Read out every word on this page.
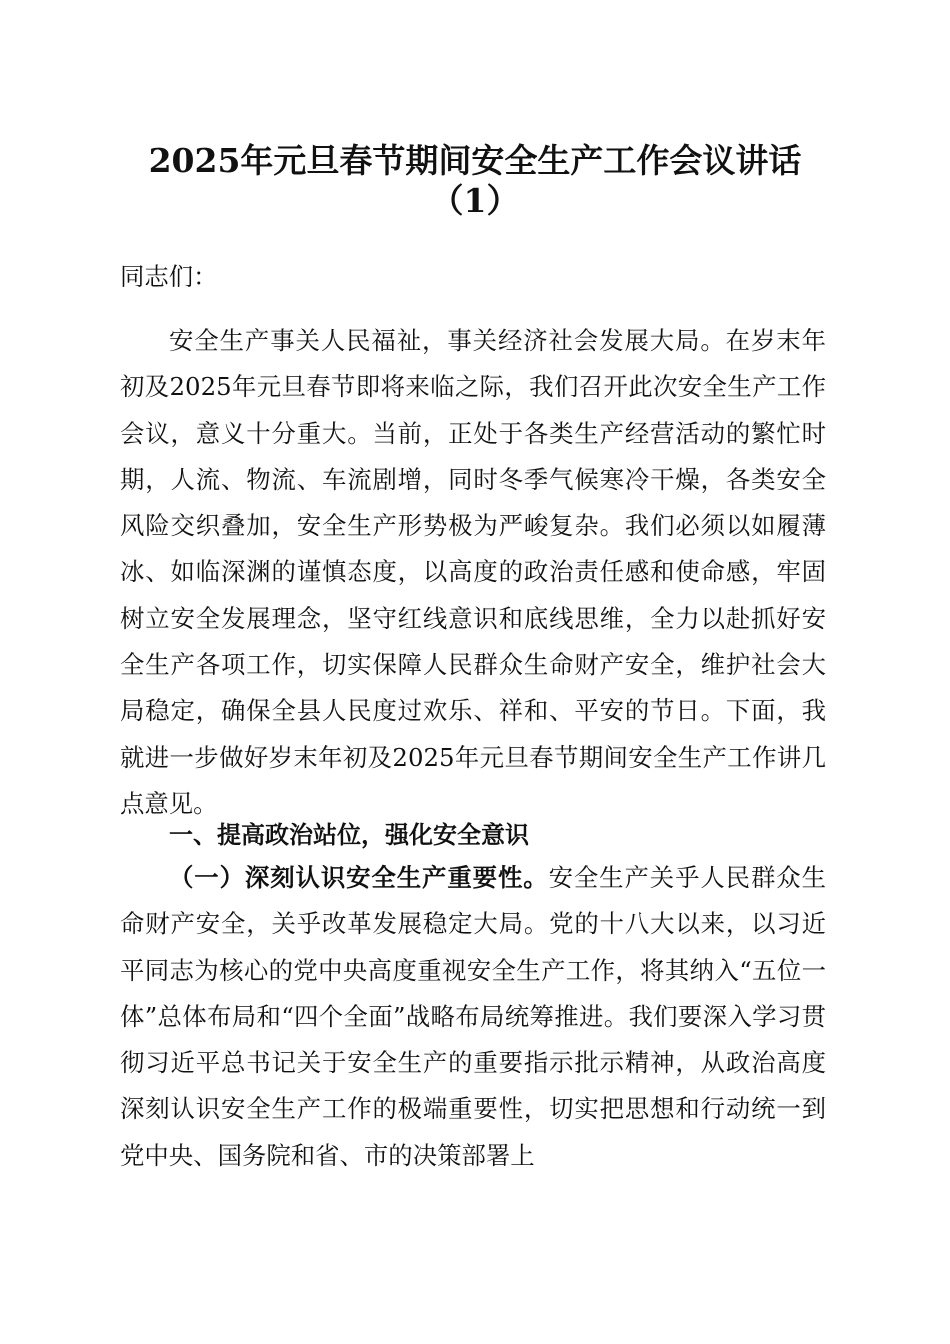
2025年元旦春节期间安全生产工作会议讲话
（1）
同志们：

安全生产事关人民福祉，事关经济社会发展大局。在岁末年初及2025年元旦春节即将来临之际，我们召开此次安全生产工作会议，意义十分重大。当前，正处于各类生产经营活动的繁忙时期，人流、物流、车流剧增，同时冬季气候寒冷干燥，各类安全风险交织叠加，安全生产形势极为严峻复杂。我们必须以如履薄冰、如临深渊的谨慎态度，以高度的政治责任感和使命感，牢固树立安全发展理念，坚守红线意识和底线思维，全力以赴抓好安全生产各项工作，切实保障人民群众生命财产安全，维护社会大局稳定，确保全县人民度过欢乐、祥和、平安的节日。下面，我就进一步做好岁末年初及2025年元旦春节期间安全生产工作讲几点意见。

一、提高政治站位，强化安全意识

（一）深刻认识安全生产重要性。安全生产关乎人民群众生命财产安全，关乎改革发展稳定大局。党的十八大以来，以习近平同志为核心的党中央高度重视安全生产工作，将其纳入“五位一体”总体布局和“四个全面”战略布局统筹推进。我们要深入学习贯彻习近平总书记关于安全生产的重要指示批示精神，从政治高度深刻认识安全生产工作的极端重要性，切实把思想和行动统一到党中央、国务院和省、市的决策部署上
